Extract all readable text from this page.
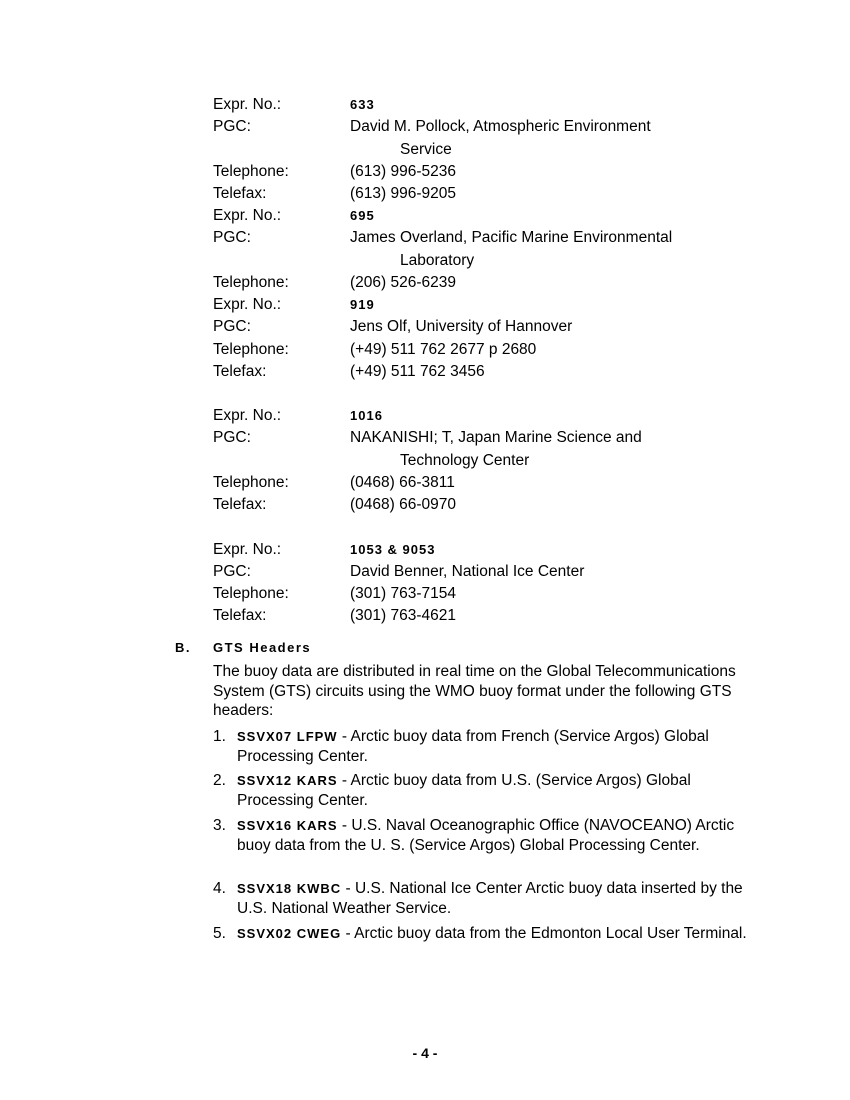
Expr. No.:	633
PGC:	David M. Pollock, Atmospheric Environment
Service
Telephone:	(613) 996-5236
Telefax:	(613) 996-9205
Expr. No.:	695
PGC:	James Overland, Pacific Marine Environmental
Laboratory
Telephone:	(206) 526-6239
Expr. No.:	919
PGC:	Jens Olf, University of Hannover
Telephone:	(+49) 511 762 2677 p 2680
Telefax:	(+49) 511 762 3456
Expr. No.:	1016
PGC:	NAKANISHI; T, Japan Marine Science and
Technology Center
Telephone:	(0468) 66-3811
Telefax:	(0468) 66-0970
Expr. No.:	1053 & 9053
PGC:	David Benner, National Ice Center
Telephone:	(301) 763-7154
Telefax:	(301) 763-4621
B. GTS Headers
The buoy data are distributed in real time on the Global Telecommunications System (GTS) circuits using the WMO buoy format under the following GTS headers:
1. SSVX07 LFPW - Arctic buoy data from French (Service Argos) Global Processing Center.
2. SSVX12 KARS - Arctic buoy data from U.S. (Service Argos) Global Processing Center.
3. SSVX16 KARS - U.S. Naval Oceanographic Office (NAVOCEANO) Arctic buoy data from the U. S. (Service Argos) Global Processing Center.
4. SSVX18 KWBC - U.S. National Ice Center Arctic buoy data inserted by the U.S. National Weather Service.
5. SSVX02 CWEG - Arctic buoy data from the Edmonton Local User Terminal.
- 4 -
